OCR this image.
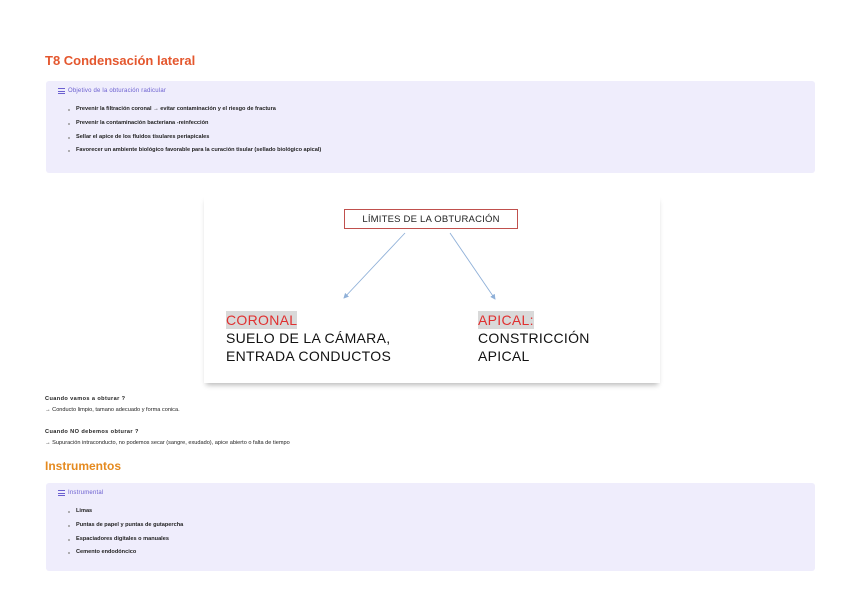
T8 Condensación lateral
Objetivo de la obturación radicular
Prevenir la filtración coronal → evitar contaminación y el riesgo de fractura
Prevenir la contaminación bacteriana -reinfección
Sellar el apice de los fluidos tisulares periapicales
Favorecer un ambiente biológico favorable para la curación tisular (sellado biológico apical)
LÍMITES DE LA OBTURACIÓN
CORONAL
SUELO DE LA CÁMARA,
ENTRADA CONDUCTOS
APICAL:
CONSTRICCIÓN
APICAL

Cuando vamos a obturar ?

→ Conducto limpio, tamano adecuado y forma conica.

Cuando NO debemos obturar ?

→ Supuración intraconducto, no podemos secar (sangre, exudado), apice abierto o falta de tiempo

Instrumentos
Instrumental
Limas
Puntas de papel y puntas de gutapercha
Espaciadores digitales o manuales
Cemento endodóncico
